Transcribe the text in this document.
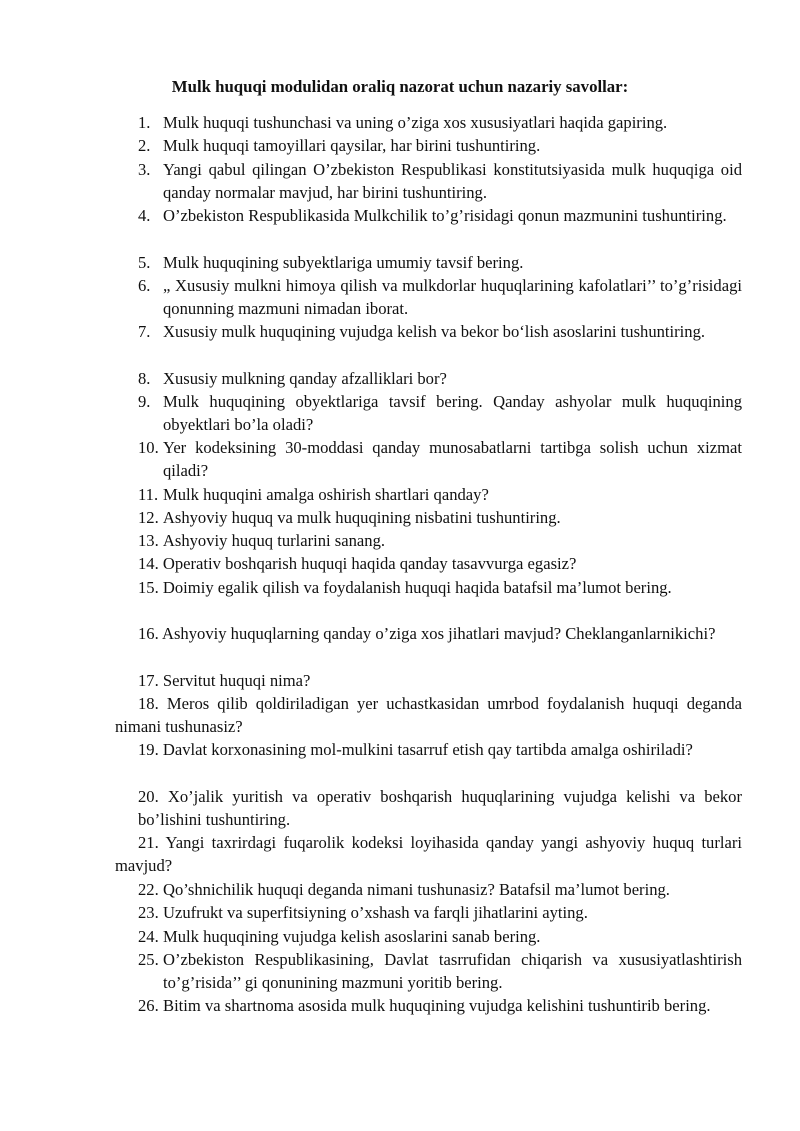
Mulk huquqi modulidan oraliq nazorat uchun nazariy savollar:
1. Mulk huquqi tushunchasi va uning o’ziga xos xususiyatlari haqida gapiring.
2. Mulk huquqi tamoyillari qaysilar, har birini tushuntiring.
3. Yangi qabul qilingan O’zbekiston Respublikasi konstitutsiyasida mulk huquqiga oid qanday normalar mavjud, har birini tushuntiring.
4. O’zbekiston Respublikasida Mulkchilik to’g’risidagi qonun mazmunini tushuntiring.
5. Mulk huquqining subyektlariga umumiy tavsif bering.
6. „ Xususiy mulkni himoya qilish va mulkdorlar huquqlarining kafolatlari’’ to’g’risidagi qonunning mazmuni nimadan iborat.
7. Xususiy mulk huquqining vujudga kelish va bekor bo‘lish asoslarini tushuntiring.
8. Xususiy mulkning qanday afzalliklari bor?
9. Mulk huquqining obyektlariga tavsif bering. Qanday ashyolar mulk huquqining obyektlari bo’la oladi?
10. Yer kodeksining 30-moddasi qanday munosabatlarni tartibga solish uchun xizmat qiladi?
11. Mulk huquqini amalga oshirish shartlari qanday?
12. Ashyoviy huquq va mulk huquqining nisbatini tushuntiring.
13. Ashyoviy huquq turlarini sanang.
14. Operativ boshqarish huquqi haqida qanday tasavvurga egasiz?
15. Doimiy egalik qilish va foydalanish huquqi haqida batafsil ma’lumot bering.
16. Ashyoviy huquqlarning qanday o’ziga xos jihatlari mavjud? Cheklanganlarnikichi?
17. Servitut huquqi nima?
18. Meros qilib qoldiriladigan yer uchastkasidan umrbod foydalanish huquqi deganda nimani tushunasiz?
19. Davlat korxonasining mol-mulkini tasarruf etish qay tartibda amalga oshiriladi?
20. Xo’jalik yuritish va operativ boshqarish huquqlarining vujudga kelishi va bekor bo’lishini tushuntiring.
21. Yangi taxrirdagi fuqarolik kodeksi loyihasida qanday yangi ashyoviy huquq turlari mavjud?
22. Qo’shnichilik huquqi deganda nimani tushunasiz? Batafsil ma’lumot bering.
23. Uzufrukt va superfitsiyning o’xshash va farqli jihatlarini ayting.
24. Mulk huquqining vujudga kelish asoslarini sanab bering.
25. O’zbekiston Respublikasining, Davlat tasrrufidan chiqarish va xususiyatlashtirish to’g’risida’’ gi qonunining mazmuni yoritib bering.
26. Bitim va shartnoma asosida mulk huquqining vujudga kelishini tushuntirib bering.
